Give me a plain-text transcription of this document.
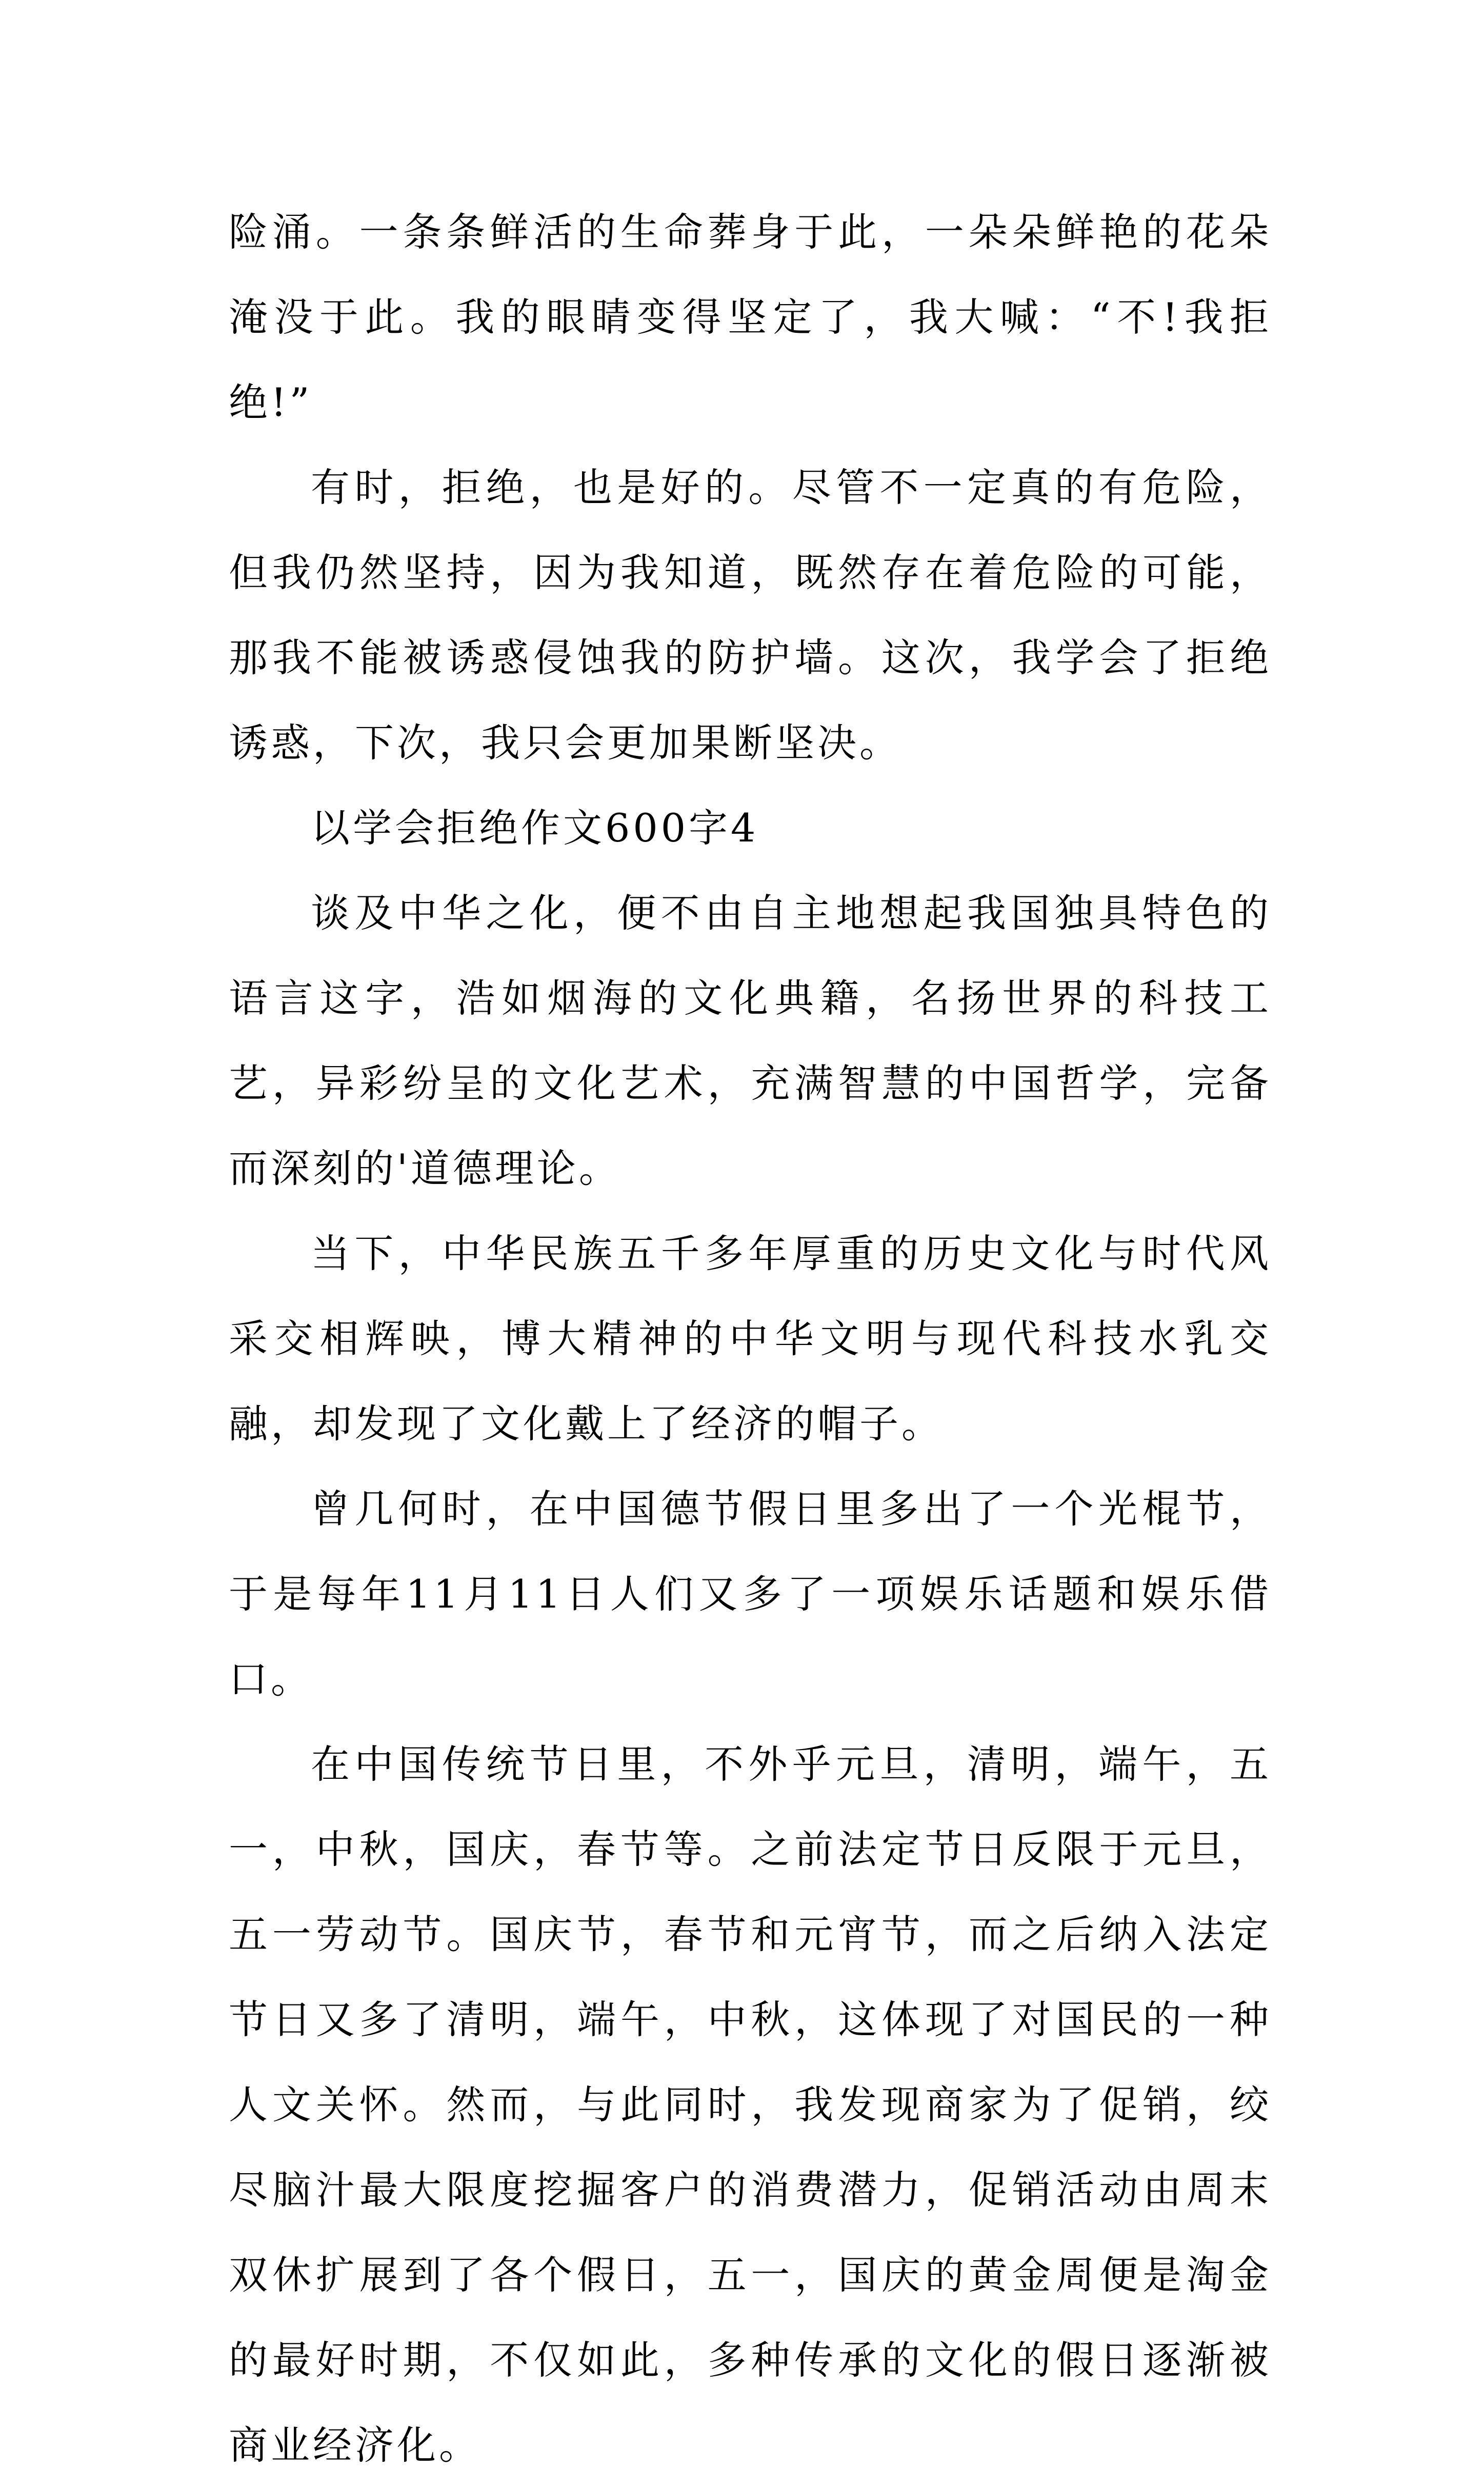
险涌。一条条鲜活的生命葬身于此，一朵朵鲜艳的花朵淹没于此。我的眼睛变得坚定了，我大喊：“不!我拒绝!”

有时，拒绝，也是好的。尽管不一定真的有危险，但我仍然坚持，因为我知道，既然存在着危险的可能，那我不能被诱惑侵蚀我的防护墙。这次，我学会了拒绝诱惑，下次，我只会更加果断坚决。

以学会拒绝作文600字4

谈及中华之化，便不由自主地想起我国独具特色的语言这字，浩如烟海的文化典籍，名扬世界的科技工艺，异彩纷呈的文化艺术，充满智慧的中国哲学，完备而深刻的'道德理论。

当下，中华民族五千多年厚重的历史文化与时代风采交相辉映，博大精神的中华文明与现代科技水乳交融，却发现了文化戴上了经济的帽子。

曾几何时，在中国德节假日里多出了一个光棍节，于是每年11月11日人们又多了一项娱乐话题和娱乐借口。

在中国传统节日里，不外乎元旦，清明，端午，五一，中秋，国庆，春节等。之前法定节日反限于元旦，五一劳动节。国庆节，春节和元宵节，而之后纳入法定节日又多了清明，端午，中秋，这体现了对国民的一种人文关怀。然而，与此同时，我发现商家为了促销，绞尽脑汁最大限度挖掘客户的消费潜力，促销活动由周末双休扩展到了各个假日，五一，国庆的黄金周便是淘金的最好时期，不仅如此，多种传承的文化的假日逐渐被商业经济化。
